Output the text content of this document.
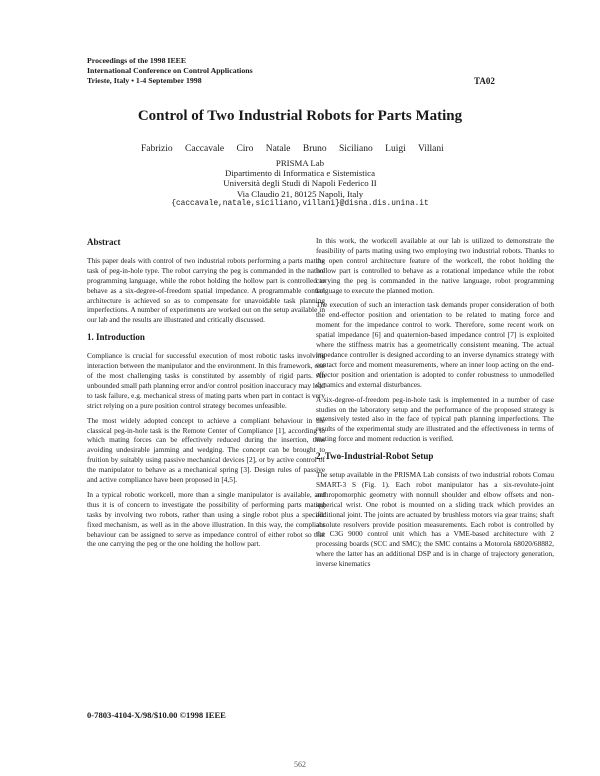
Proceedings of the 1998 IEEE
International Conference on Control Applications
Trieste, Italy • 1-4 September 1998	TA02
Control of Two Industrial Robots for Parts Mating
Fabrizio Caccavale Ciro Natale Bruno Siciliano Luigi Villani
PRISMA Lab
Dipartimento di Informatica e Sistemistica
Università degli Studi di Napoli Federico II
Via Claudio 21, 80125 Napoli, Italy
{caccavale,natale,siciliano,villani}@disna.dis.unina.it
Abstract

This paper deals with control of two industrial robots performing a parts mating task of peg-in-hole type. The robot carrying the peg is commanded in the native programming language, while the robot holding the hollow part is controlled to behave as a six-degree-of-freedom spatial impedance. A programmable control architecture is achieved so as to compensate for unavoidable task planning imperfections. A number of experiments are worked out on the setup available in our lab and the results are illustrated and critically discussed.

1. Introduction

Compliance is crucial for successful execution of most robotic tasks involving interaction between the manipulator and the environment. In this framework, one of the most challenging tasks is constituted by assembly of rigid parts. An unbounded small path planning error and/or control position inaccuracy may lead to task failure, e.g. mechanical stress of mating parts when part in contact is very strict relying on a pure position control strategy becomes unfeasible.

The most widely adopted concept to achieve a compliant behaviour in the classical peg-in-hole task is the Remote Center of Compliance [1], according to which mating forces can be effectively reduced during the insertion, thus avoiding undesirable jamming and wedging. The concept can be brought to fruition by suitably using passive mechanical devices [2], or by active control of the manipulator to behave as a mechanical spring [3]. Design rules of passive and active compliance have been proposed in [4,5].

In a typical robotic workcell, more than a single manipulator is available, and thus it is of concern to investigate the possibility of performing parts mating tasks by involving two robots, rather than using a single robot plus a specific fixed mechanism, as well as in the above illustration. In this way, the compliant behaviour can be assigned to serve as impedance control of either robot so that the one carrying the peg or the one holding the hollow part.

In this work, the workcell available at our lab is utilized to demonstrate the feasibility of parts mating using two employing two industrial robots. Thanks to the open control architecture feature of the workcell, the robot holding the hollow part is controlled to behave as a rotational impedance while the robot carrying the peg is commanded in the native language, robot programming language to execute the planned motion.

The execution of such an interaction task demands proper consideration of both the end-effector position and orientation to be related to mating force and moment for the impedance control to work. Therefore, some recent work on spatial impedance [6] and quaternion-based impedance control [7] is exploited where the stiffness matrix has a geometrically consistent meaning. The actual impedance controller is designed according to an inverse dynamics strategy with contact force and moment measurements, where an inner loop acting on the end-effector position and orientation is adopted to confer robustness to unmodelled dynamics and external disturbances.

A six-degree-of-freedom peg-in-hole task is implemented in a number of case studies on the laboratory setup and the performance of the proposed strategy is extensively tested also in the face of typical path planning imperfections. The results of the experimental study are illustrated and the effectiveness in terms of mating force and moment reduction is verified.

2. Two-Industrial-Robot Setup

The setup available in the PRISMA Lab consists of two industrial robots Comau SMART-3 S (Fig. 1). Each robot manipulator has a six-revolute-joint anthropomorphic geometry with nonnull shoulder and elbow offsets and non-spherical wrist. One robot is mounted on a sliding track which provides an additional joint. The joints are actuated by brushless motors via gear trains; shaft absolute resolvers provide position measurements. Each robot is controlled by the C3G 9000 control unit which has a VME-based architecture with 2 processing boards (SCC and SMC); the SMC contains a Motorola 68020/68882, where the latter has an additional DSP and is in charge of trajectory generation, inverse kinematics

0-7803-4104-X/98/$10.00 ©1998 IEEE
562
